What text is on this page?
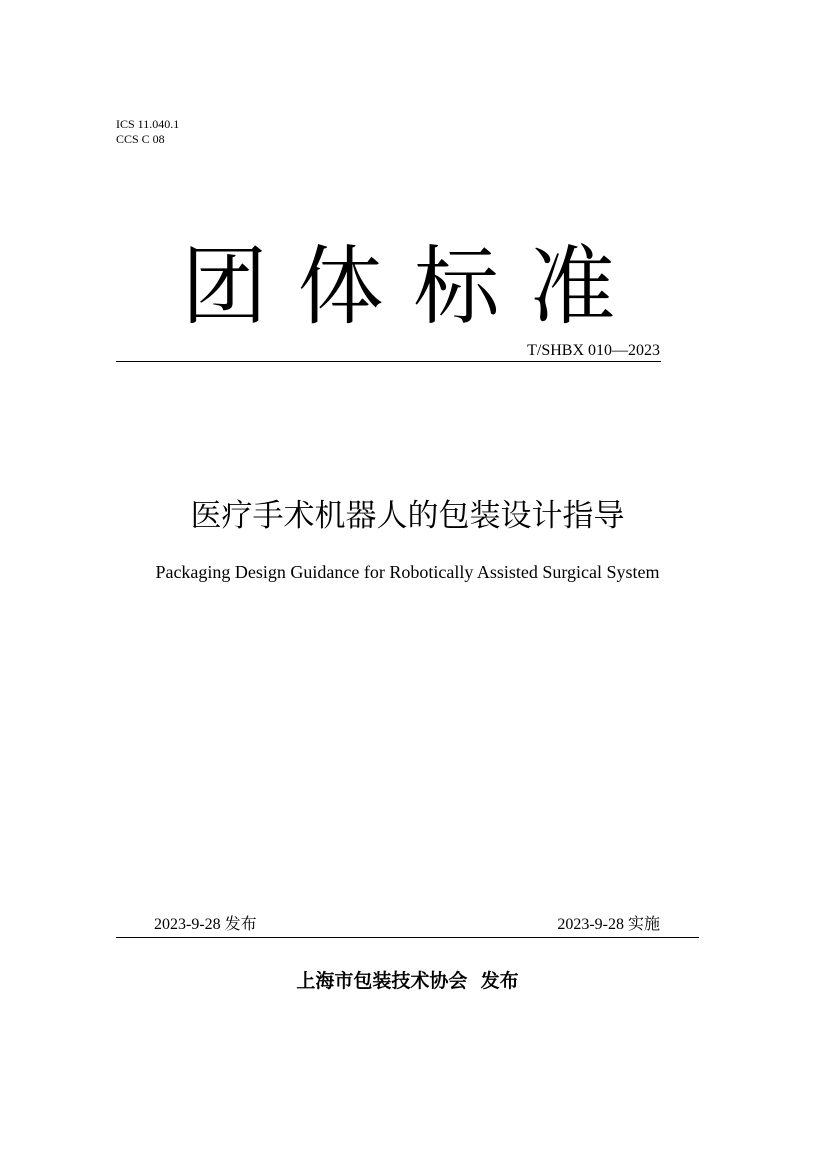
ICS 11.040.1
CCS C 08
团体标准
T/SHBX 010—2023
医疗手术机器人的包装设计指导
Packaging Design Guidance for Robotically Assisted Surgical System
2023-9-28 发布	2023-9-28 实施
上海市包装技术协会  发布
